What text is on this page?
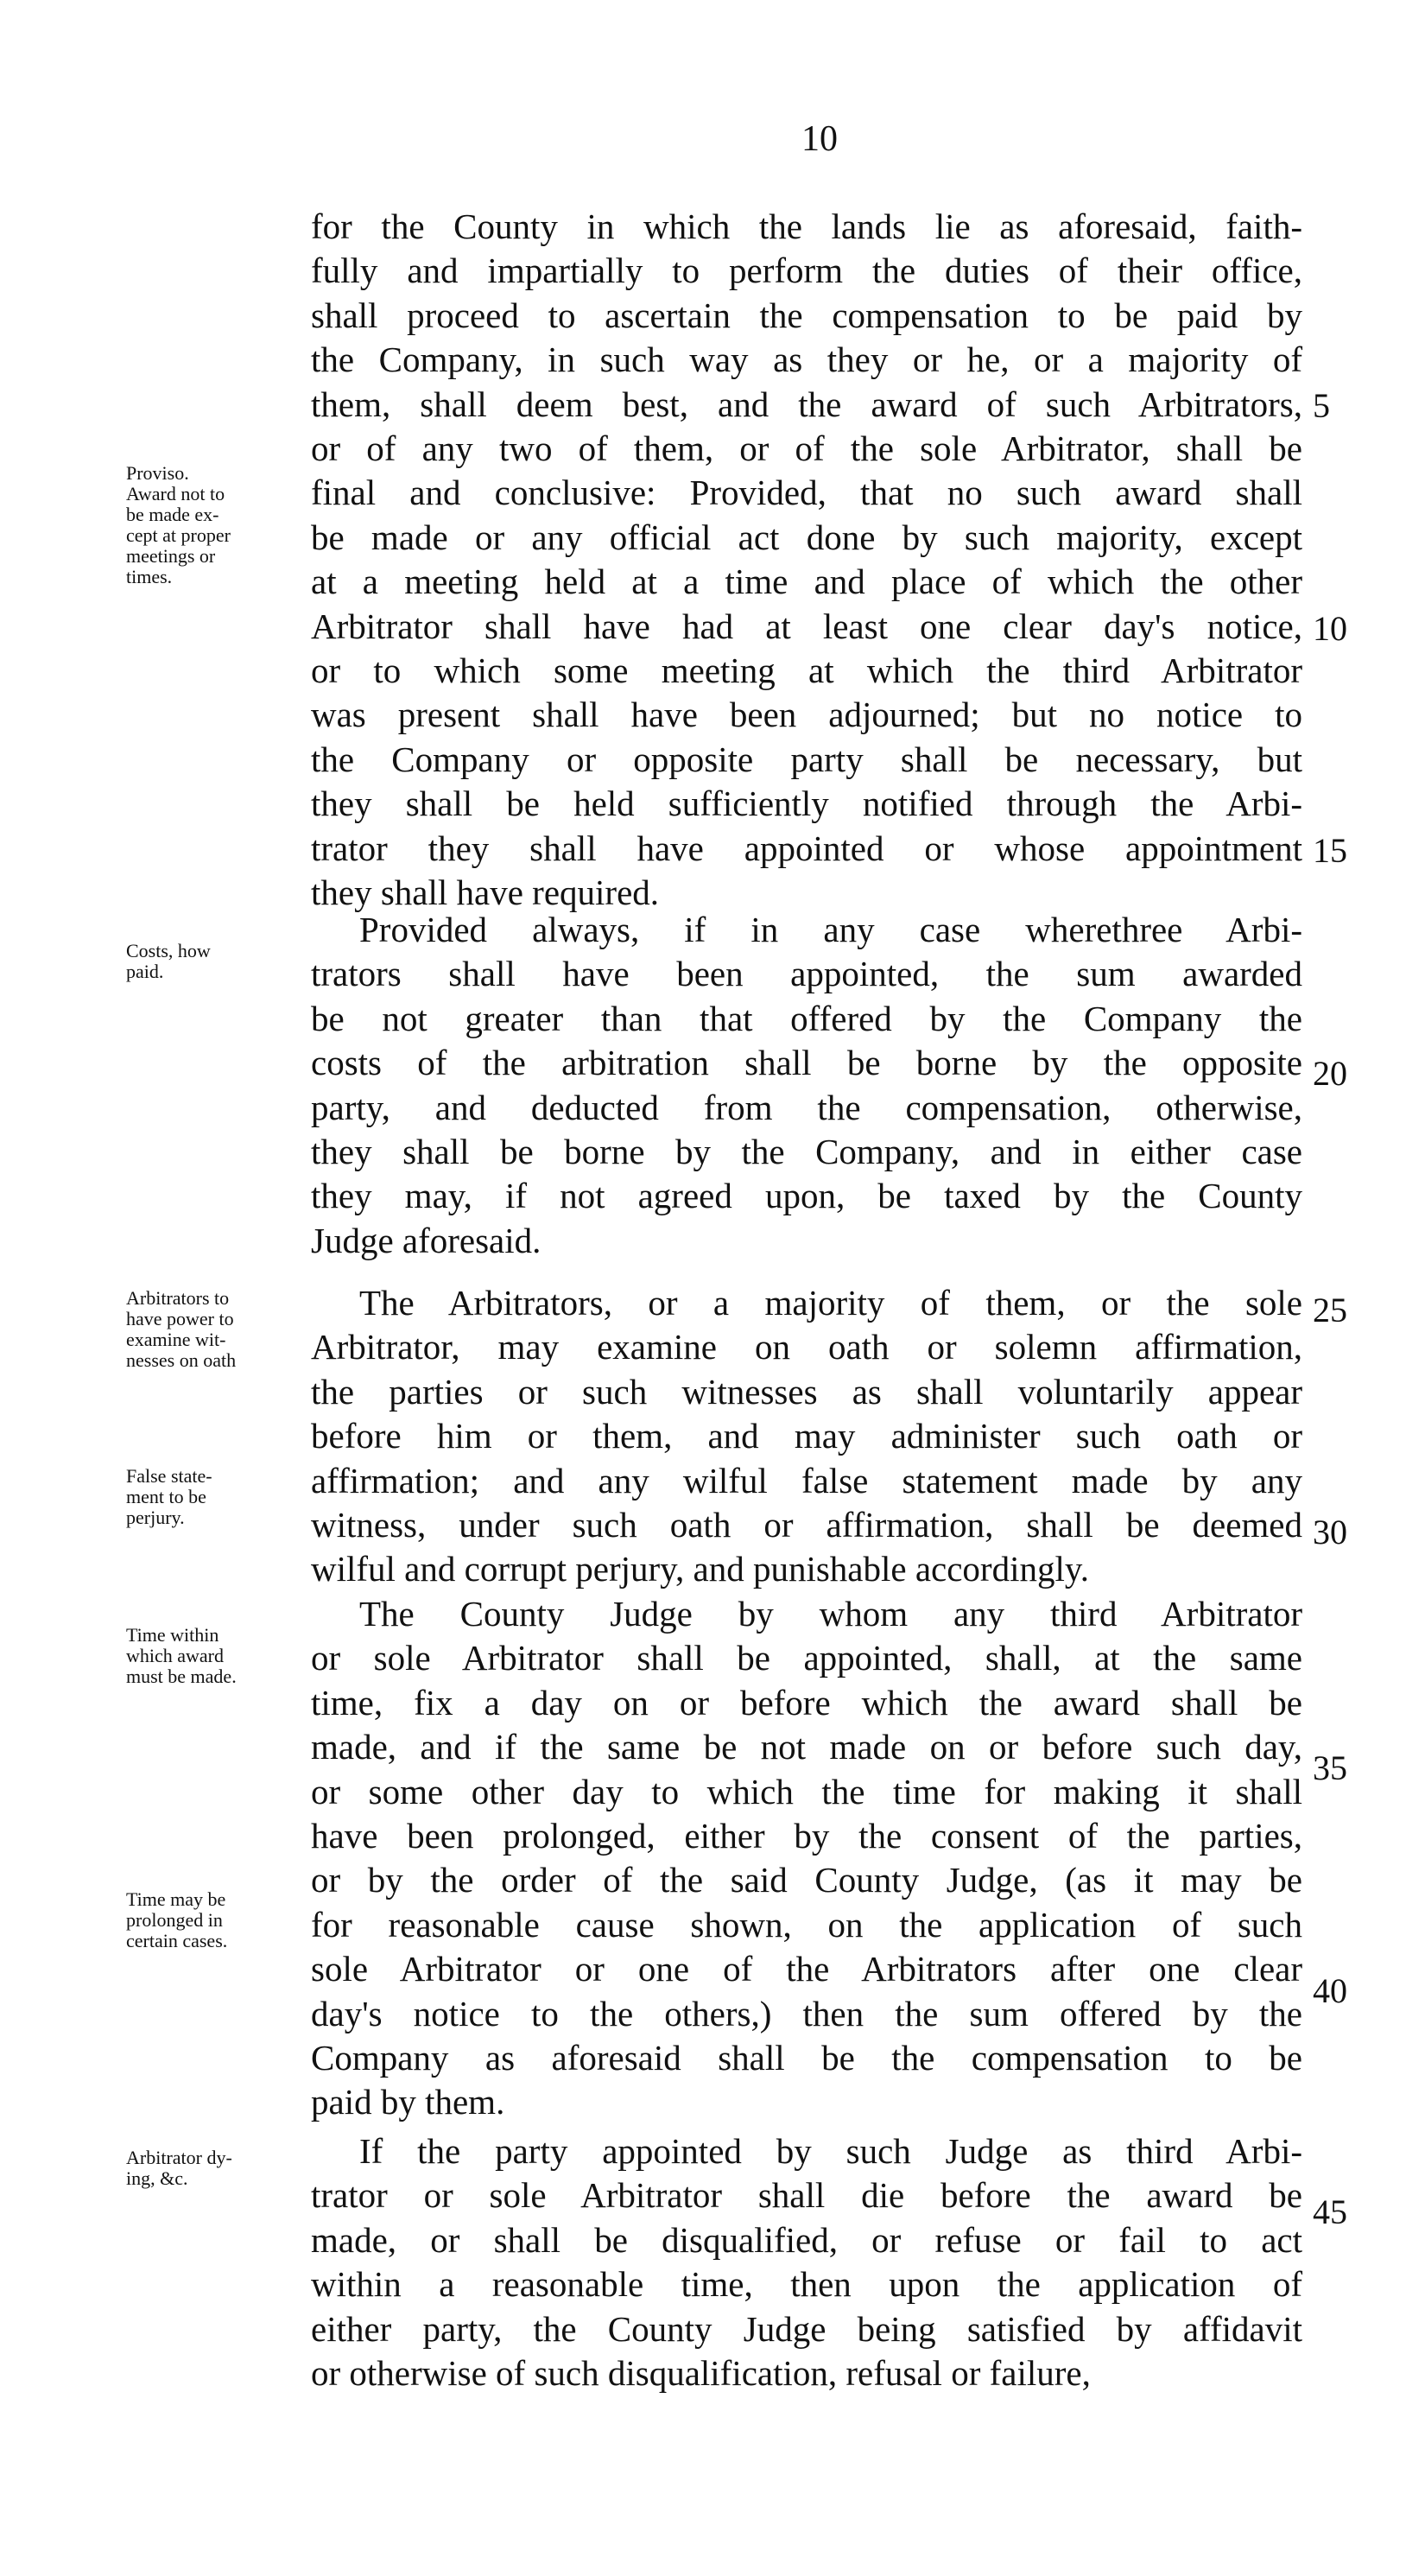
10
for the County in which the lands lie as aforesaid, faith-
fully and impartially to perform the duties of their office,
shall proceed to ascertain the compensation to be paid by
the Company, in such way as they or he, or a majority of
them, shall deem best, and the award of such Arbitrators,
or of any two of them, or of the sole Arbitrator, shall be
final and conclusive: Provided, that no such award shall
be made or any official act done by such majority, except
at a meeting held at a time and place of which the other
Arbitrator shall have had at least one clear day's notice,
or to which some meeting at which the third Arbitrator
was present shall have been adjourned; but no notice to
the Company or opposite party shall be necessary, but
they shall be held sufficiently notified through the Arbi-
trator they shall have appointed or whose appointment
they shall have required.
Provided always, if in any case wherethree Arbi-
trators shall have been appointed, the sum awarded
be not greater than that offered by the Company the
costs of the arbitration shall be borne by the opposite
party, and deducted from the compensation, otherwise,
they shall be borne by the Company, and in either case
they may, if not agreed upon, be taxed by the County
Judge aforesaid.
The Arbitrators, or a majority of them, or the sole
Arbitrator, may examine on oath or solemn affirmation,
the parties or such witnesses as shall voluntarily appear
before him or them, and may administer such oath or
affirmation; and any wilful false statement made by any
witness, under such oath or affirmation, shall be deemed
wilful and corrupt perjury, and punishable accordingly.
The County Judge by whom any third Arbitrator
or sole Arbitrator shall be appointed, shall, at the same
time, fix a day on or before which the award shall be
made, and if the same be not made on or before such day,
or some other day to which the time for making it shall
have been prolonged, either by the consent of the parties,
or by the order of the said County Judge, (as it may be
for reasonable cause shown, on the application of such
sole Arbitrator or one of the Arbitrators after one clear
day's notice to the others,) then the sum offered by the
Company as aforesaid shall be the compensation to be
paid by them.
If the party appointed by such Judge as third Arbi-
trator or sole Arbitrator shall die before the award be
made, or shall be disqualified, or refuse or fail to act
within a reasonable time, then upon the application of
either party, the County Judge being satisfied by affidavit
or otherwise of such disqualification, refusal or failure,
Proviso.
Award not to
be made ex-
cept at proper
meetings or
times.
Costs, how
paid.
Arbitrators to
have power to
examine wit-
nesses on oath
False state-
ment to be
perjury.
Time within
which award
must be made.
Time may be
prolonged in
certain cases.
Arbitrator dy-
ing, &c.
5
10
15
20
25
30
35
40
45
